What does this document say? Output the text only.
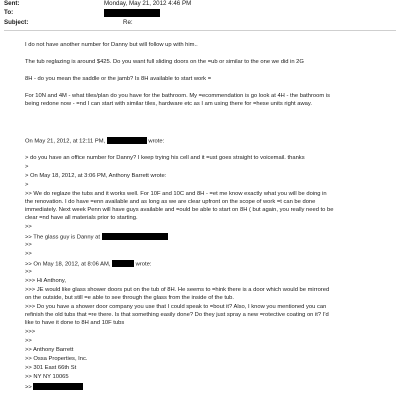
Sent:	Monday, May 21, 2012 4:46 PM
To:
Subject:	Re:
I do not have another number for Danny but will follow up with him..
The tub reglazing is around $425. Do you want full sliding doors on the =ub or similar to the one we did in 2G
8H - do you mean the saddle or the jamb? Is 8H available to start work =
For 10N and 4M - what tiles/plan do you have for the bathroom. My =ecommendation is go look at 4H - the bathroom is
being redone now - =nd I can start with similar tiles, hardware etc as I am using there for =hese units right away.
On May 21, 2012, at 12:11 PM,	wrote:
> do you have an office number for Danny? I keep trying his cell and it =ust goes straight to voicemail. thanks
>
> On May 18, 2012, at 3:06 PM, Anthony Barrett wrote:
>
>> We do reglaze the tubs and it works well. For 10F and 10C and 8H - =et me know exactly what you will be doing in
the renovation. I do have =enn available and as long as we are clear upfront on the scope of work =t can be done
immediately. Next week Penn will have guys available and =ould be able to start on 8H ( but again, you really need to be
clear =nd have all materials prior to starting.
>>
>> The glass guy is Danny at
>>
>>
>> On May 18, 2012, at 8:06 AM,	wrote:
>>
>>> Hi Anthony,
>>> JE would like glass shower doors put on the tub of 8H. He seems to =hink there is a door which would be mirrored
on the outside, but still =e able to see through the glass from the inside of the tub.
>>> Do you have a shower door company you use that I could speak to =bout it? Also, I know you mentioned you can
refinish the old tubs that =re there. Is that something easily done? Do they just spray a new =rotective coating on it? I'd
like to have it done to 8H and 10F tubs
>>>
>>
>> Anthony Barrett
>> Ossa Properties, Inc.
>> 301 East 66th St
>> NY NY 10065
>>
